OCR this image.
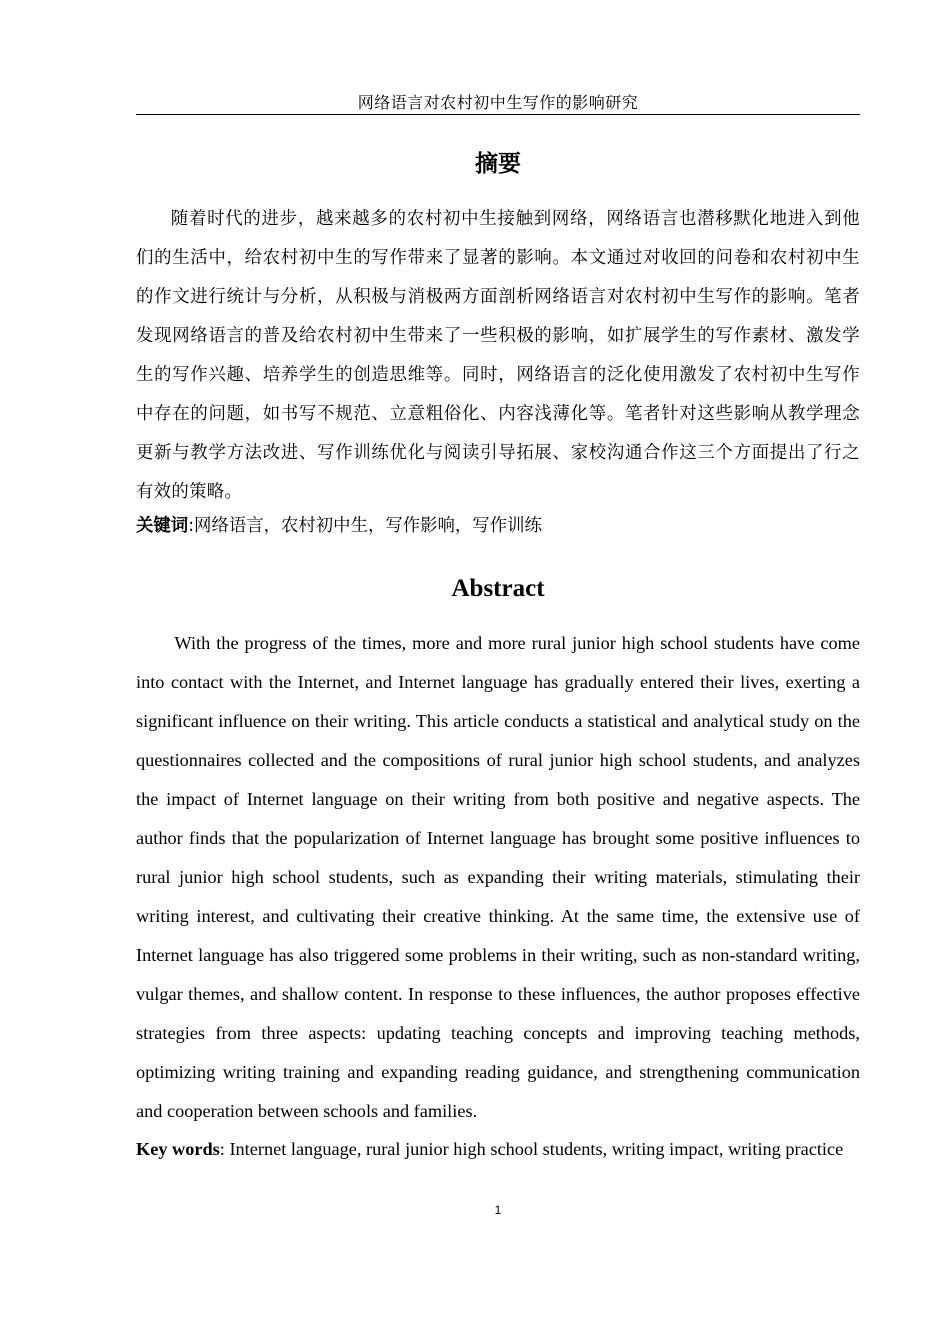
网络语言对农村初中生写作的影响研究
摘要

随着时代的进步，越来越多的农村初中生接触到网络，网络语言也潜移默化地进入到他们的生活中，给农村初中生的写作带来了显著的影响。本文通过对收回的问卷和农村初中生的作文进行统计与分析，从积极与消极两方面剖析网络语言对农村初中生写作的影响。笔者发现网络语言的普及给农村初中生带来了一些积极的影响，如扩展学生的写作素材、激发学生的写作兴趣、培养学生的创造思维等。同时，网络语言的泛化使用激发了农村初中生写作中存在的问题，如书写不规范、立意粗俗化、内容浅薄化等。笔者针对这些影响从教学理念更新与教学方法改进、写作训练优化与阅读引导拓展、家校沟通合作这三个方面提出了行之有效的策略。

关键词:网络语言，农村初中生，写作影响，写作训练

Abstract

With the progress of the times, more and more rural junior high school students have come into contact with the Internet, and Internet language has gradually entered their lives, exerting a significant influence on their writing. This article conducts a statistical and analytical study on the questionnaires collected and the compositions of rural junior high school students, and analyzes the impact of Internet language on their writing from both positive and negative aspects. The author finds that the popularization of Internet language has brought some positive influences to rural junior high school students, such as expanding their writing materials, stimulating their writing interest, and cultivating their creative thinking. At the same time, the extensive use of Internet language has also triggered some problems in their writing, such as non-standard writing, vulgar themes, and shallow content. In response to these influences, the author proposes effective strategies from three aspects: updating teaching concepts and improving teaching methods, optimizing writing training and expanding reading guidance, and strengthening communication and cooperation between schools and families.

Key words: Internet language, rural junior high school students, writing impact, writing practice

1
